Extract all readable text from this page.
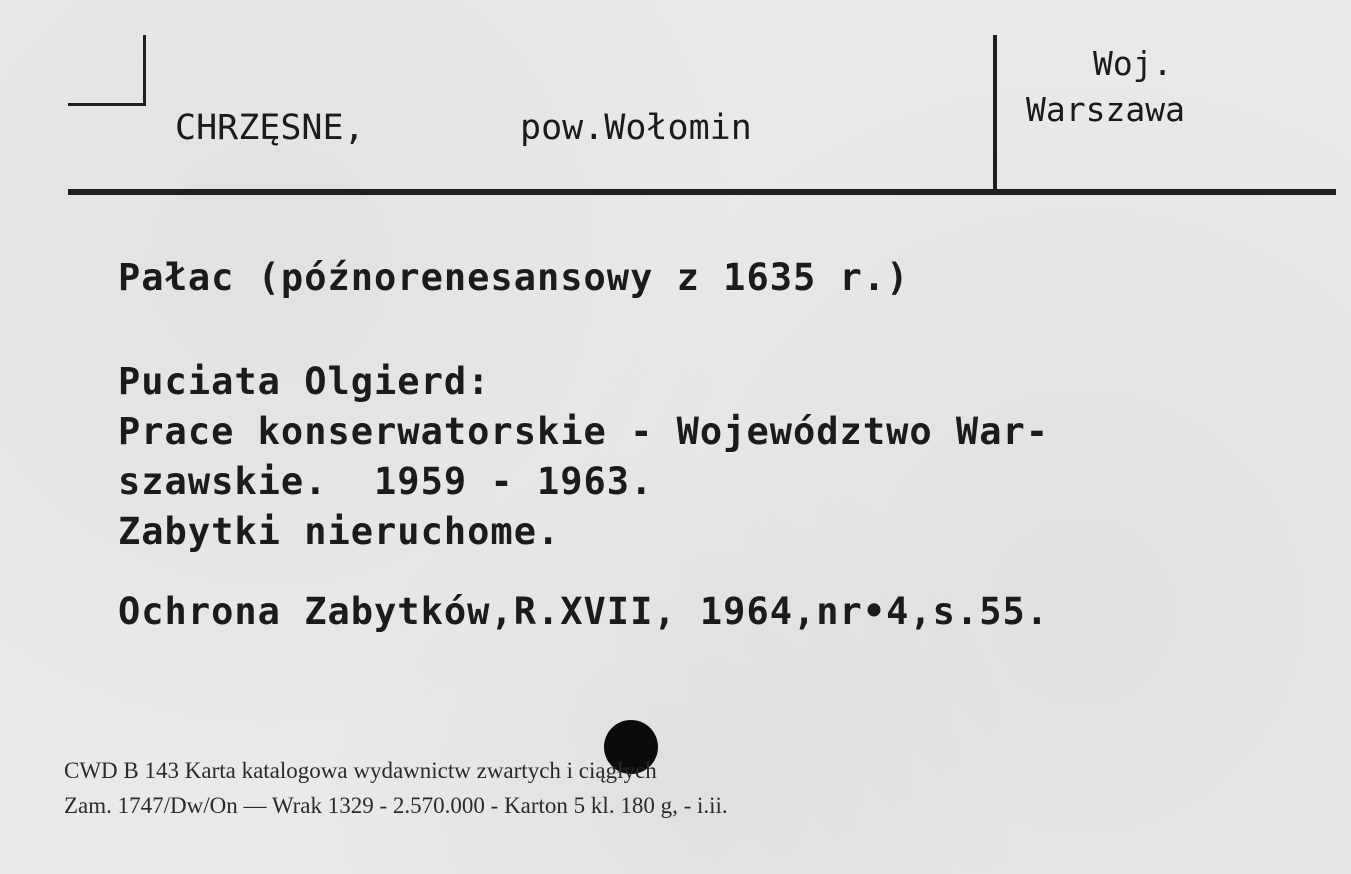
CHRZĘSNE,	pow.Wołomin

Woj.

Warszawa

Pałac (późnorenesansowy z 1635 r.)

Puciata Olgierd:

Prace konserwatorskie - Województwo War-

szawskie.  1959 - 1963.

Zabytki nieruchome.

Ochrona Zabytków,R.XVII, 1964,nr•4,s.55.

CWD B 143 Karta katalogowa wydawnictw zwartych i ciągłych

Zam. 1747/Dw/On — Wrak 1329 - 2.570.000 - Karton 5 kl. 180 g, - i.ii.
